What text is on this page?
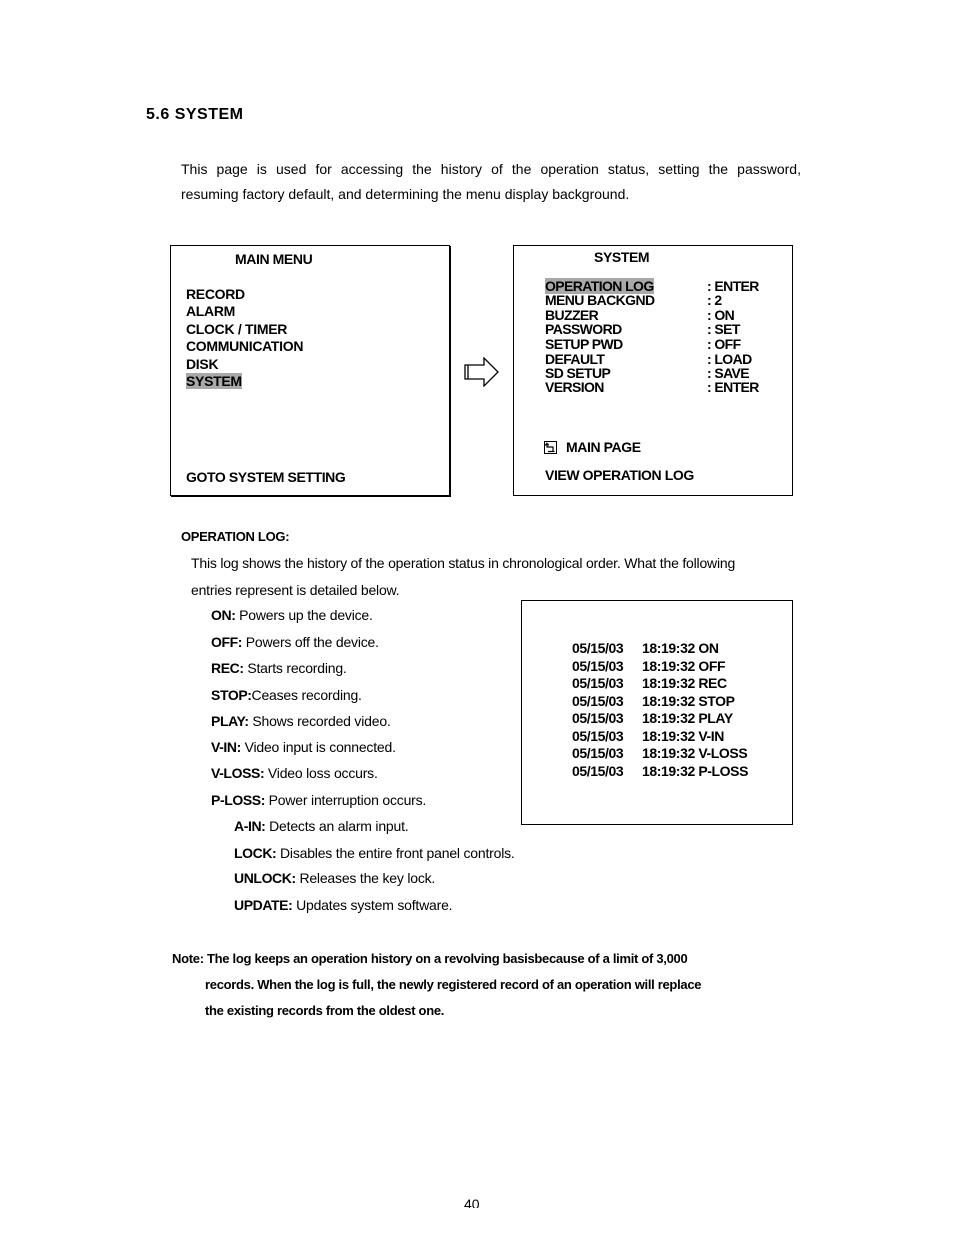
5.6 SYSTEM
This page is used for accessing the history of the operation status, setting the password,
resuming factory default, and determining the menu display background.
MAIN MENU
RECORD
ALARM
CLOCK / TIMER
COMMUNICATION
DISK
SYSTEM
GOTO SYSTEM SETTING
SYSTEM
OPERATION LOG	: ENTER
MENU BACKGND	: 2
BUZZER	: ON
PASSWORD	: SET
SETUP PWD	: OFF
DEFAULT	: LOAD
SD SETUP	: SAVE
VERSION	: ENTER
MAIN PAGE
VIEW OPERATION LOG
OPERATION LOG:
This log shows the history of the operation status in chronological order. What the following
entries represent is detailed below.
ON: Powers up the device.
OFF: Powers off the device.
REC: Starts recording.
STOP:Ceases recording.
PLAY: Shows recorded video.
V-IN: Video input is connected.
V-LOSS: Video loss occurs.
P-LOSS: Power interruption occurs.
A-IN: Detects an alarm input.
LOCK: Disables the entire front panel controls.
UNLOCK: Releases the key lock.
UPDATE: Updates system software.
05/15/03 18:19:32 ON
05/15/03 18:19:32 OFF
05/15/03 18:19:32 REC
05/15/03 18:19:32 STOP
05/15/03 18:19:32 PLAY
05/15/03 18:19:32 V-IN
05/15/03 18:19:32 V-LOSS
05/15/03 18:19:32 P-LOSS
Note: The log keeps an operation history on a revolving basisbecause of a limit of 3,000
records. When the log is full, the newly registered record of an operation will replace
the existing records from the oldest one.
40
